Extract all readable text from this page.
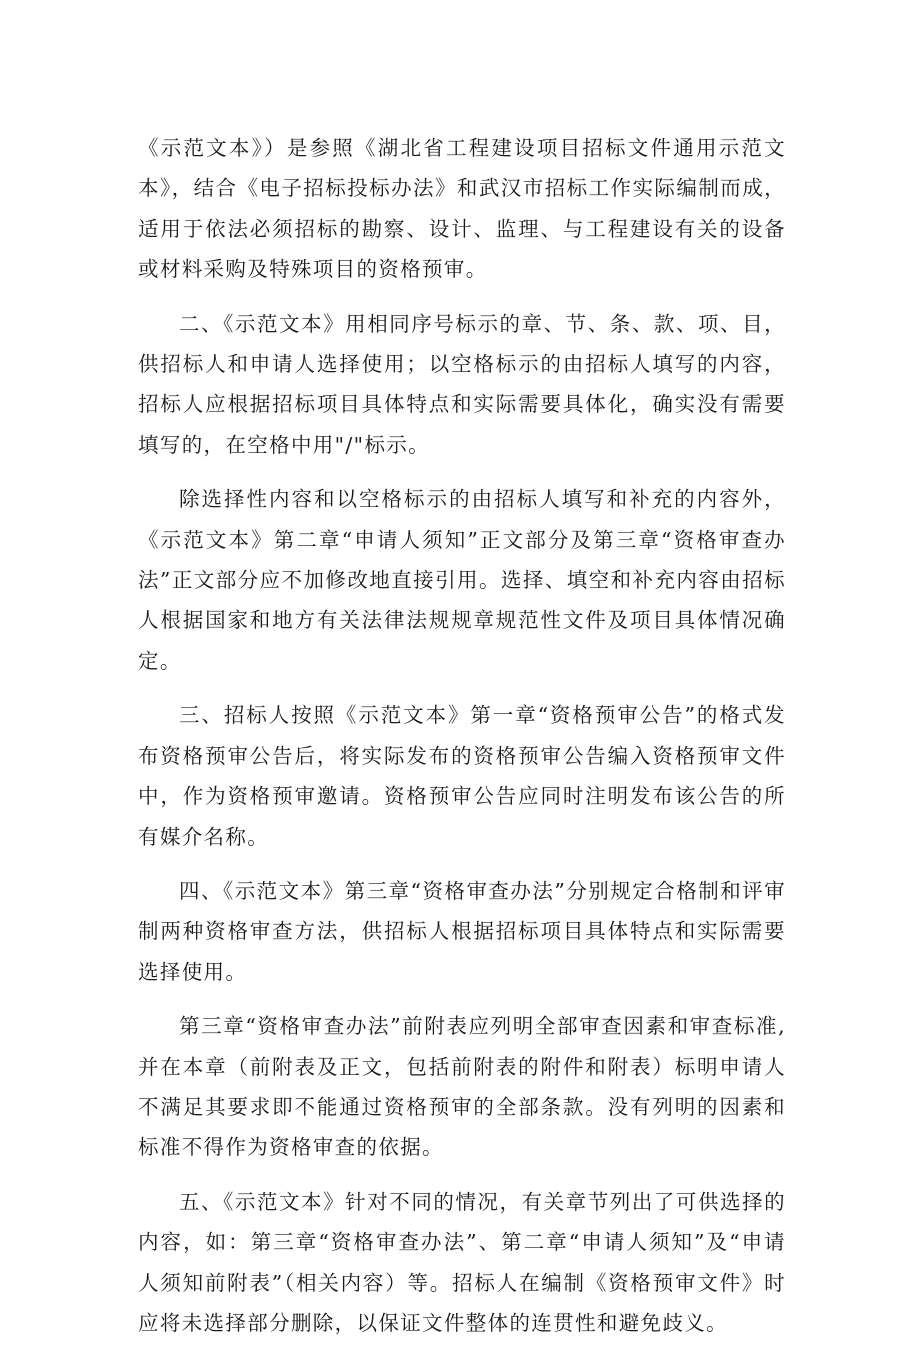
《示范文本》）是参照《湖北省工程建设项目招标文件通用示范文本》，结合《电子招标投标办法》和武汉市招标工作实际编制而成，适用于依法必须招标的勘察、设计、监理、与工程建设有关的设备或材料采购及特殊项目的资格预审。

二、《示范文本》用相同序号标示的章、节、条、款、项、目，供招标人和申请人选择使用；以空格标示的由招标人填写的内容，招标人应根据招标项目具体特点和实际需要具体化，确实没有需要填写的，在空格中用"/"标示。

除选择性内容和以空格标示的由招标人填写和补充的内容外，《示范文本》第二章“申请人须知”正文部分及第三章“资格审查办法”正文部分应不加修改地直接引用。选择、填空和补充内容由招标人根据国家和地方有关法律法规规章规范性文件及项目具体情况确定。

三、招标人按照《示范文本》第一章“资格预审公告”的格式发布资格预审公告后，将实际发布的资格预审公告编入资格预审文件中，作为资格预审邀请。资格预审公告应同时注明发布该公告的所有媒介名称。

四、《示范文本》第三章“资格审查办法”分别规定合格制和评审制两种资格审查方法，供招标人根据招标项目具体特点和实际需要选择使用。

第三章“资格审查办法”前附表应列明全部审查因素和审查标准,并在本章（前附表及正文，包括前附表的附件和附表）标明申请人不满足其要求即不能通过资格预审的全部条款。没有列明的因素和标准不得作为资格审查的依据。

五、《示范文本》针对不同的情况，有关章节列出了可供选择的内容，如：第三章“资格审查办法”、第二章“申请人须知”及“申请人须知前附表”（相关内容）等。招标人在编制《资格预审文件》时应将未选择部分删除，以保证文件整体的连贯性和避免歧义。
